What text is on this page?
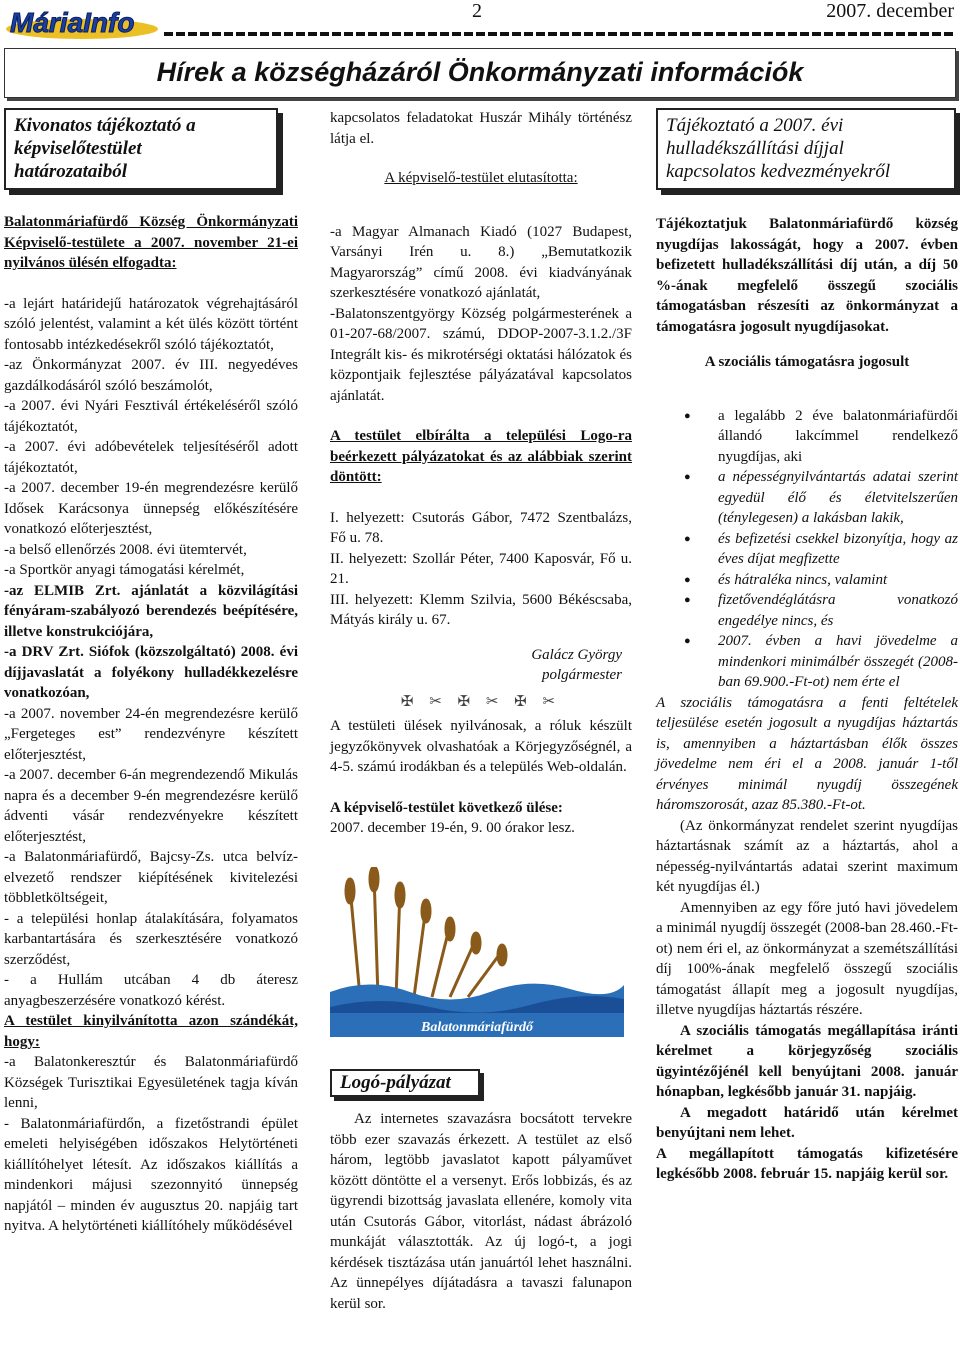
MáriaInfo	2	2007. december
Hírek a községházáról Önkormányzati információk
Kivonatos tájékoztató a
képviselőtestület
határozataiból

Balatonmáriafürdő Község Önkormányzati Képviselő-testülete a 2007. november 21-ei nyilvános ülésén elfogadta:

-a lejárt határidejű határozatok végrehajtásáról szóló jelentést, valamint a két ülés között történt fontosabb intézkedésekről szóló tájékoztatót,

-az Önkormányzat 2007. év III. negyedéves gazdálkodásáról szóló beszámolót,

-a 2007. évi Nyári Fesztivál értékeléséről szóló tájékoztatót,

-a 2007. évi adóbevételek teljesítéséről adott tájékoztatót,

-a 2007. december 19-én megrendezésre kerülő Idősek Karácsonya ünnepség előkészítésére vonatkozó előterjesztést,

-a belső ellenőrzés 2008. évi ütemtervét,

-a Sportkör anyagi támogatási kérelmét,

-az ELMIB Zrt. ajánlatát a közvilágítási fényáram-szabályozó berendezés beépítésére, illetve konstrukciójára,

-a DRV Zrt. Siófok (közszolgáltató) 2008. évi díjjavaslatát a folyékony hulladékkezelésre vonatkozóan,

-a 2007. november 24-én megrendezésre kerülő „Fergeteges est” rendezvényre készített előterjesztést,

-a 2007. december 6-án megrendezendő Mikulás napra és a december 9-én megrendezésre kerülő ádventi vásár rendezvényekre készített előterjesztést,

-a Balatonmáriafürdő, Bajcsy-Zs. utca belvíz-elvezető rendszer kiépítésének kivitelezési többletköltségeit,

- a települési honlap átalakítására, folyamatos karbantartására és szerkesztésére vonatkozó szerződést,

- a Hullám utcában 4 db áteresz anyagbeszerzésére vonatkozó kérést.

A testület kinyilvánította azon szándékát, hogy:

-a Balatonkeresztúr és Balatonmáriafürdő Községek Turisztikai Egyesületének tagja kíván lenni,

- Balatonmáriafürdőn, a fizetőstrandi épület emeleti helyiségében időszakos Helytörténeti kiállítóhelyet létesít. Az időszakos kiállítás a mindenkori májusi szezonnyitó ünnepség napjától – minden év augusztus 20. napjáig tart nyitva. A helytörténeti kiállítóhely működésével

kapcsolatos feladatokat Huszár Mihály történész látja el.

A képviselő-testület elutasította:

-a Magyar Almanach Kiadó (1027 Budapest, Varsányi Irén u. 8.) „Bemutatkozik Magyarország” című 2008. évi kiadványának szerkesztésére vonatkozó ajánlatát,

-Balatonszentgyörgy Község polgármesterének a 01-207-68/2007. számú, DDOP-2007-3.1.2./3F Integrált kis- és mikrotérségi oktatási hálózatok és központjaik fejlesztése pályázatával kapcsolatos ajánlatát.

A testület elbírálta a települési Logo-ra beérkezett pályázatokat és az alábbiak szerint döntött:

I. helyezett: Csutorás Gábor, 7472 Szentbalázs, Fő u. 78.

II. helyezett: Szollár Péter, 7400 Kaposvár, Fő u. 21.

III. helyezett: Klemm Szilvia, 5600 Békéscsaba, Mátyás király u. 67.

Galácz György

polgármester

✠ ✂ ✠ ✂ ✠ ✂

A testületi ülések nyilvánosak, a róluk készült jegyzőkönyvek olvashatóak a Körjegyzőségnél, a 4-5. számú irodákban és a település Web-oldalán.

A képviselő-testület következő ülése:

2007. december 19-én, 9. 00 órakor lesz.

Balatonmáriafürdő
Logó-pályázat

Az internetes szavazásra bocsátott tervekre több ezer szavazás érkezett. A testület az első három, legtöbb javaslatot kapott pályaművet között döntötte el a versenyt. Erős lobbizás, és az ügyrendi bizottság javaslata ellenére, komoly vita után Csutorás Gábor, vitorlást, nádast ábrázoló munkáját választották. Az új logó-t, a jogi kérdések tisztázása után januártól lehet használni. Az ünnepélyes díjátadásra a tavaszi falunapon kerül sor.

Tájékoztató a 2007. évi
hulladékszállítási díjjal
kapcsolatos kedvezményekről

Tájékoztatjuk Balatonmáriafürdő község nyugdíjas lakosságát, hogy a 2007. évben befizetett hulladékszállítási díj után, a díj 50 %-ának megfelelő összegű szociális támogatásban részesíti az önkormányzat a támogatásra jogosult nyugdíjasokat.

A szociális támogatásra jogosult

● a legalább 2 éve balatonmáriafürdői állandó lakcímmel rendelkező nyugdíjas, aki
● a népességnyilvántartás adatai szerint egyedül élő és életvitelszerűen (ténylegesen) a lakásban lakik,
● és befizetési csekkel bizonyítja, hogy az éves díjat megfizette
● és hátraléka nincs, valamint
● fizetővendéglátásra vonatkozó engedélye nincs, és
● 2007. évben a havi jövedelme a mindenkori minimálbér összegét (2008-ban 69.900.-Ft-ot) nem érte el

A szociális támogatásra a fenti feltételek teljesülése esetén jogosult a nyugdíjas háztartás is, amennyiben a háztartásban élők összes jövedelme nem éri el a 2008. január 1-től érvényes minimál nyugdíj összegének háromszorosát, azaz 85.380.-Ft-ot.

(Az önkormányzat rendelet szerint nyugdíjas háztartásnak számít az a háztartás, ahol a népesség-nyilvántartás adatai szerint maximum két nyugdíjas él.)

Amennyiben az egy főre jutó havi jövedelem a minimál nyugdíj összegét (2008-ban 28.460.-Ft-ot) nem éri el, az önkormányzat a szemétszállítási díj 100%-ának megfelelő összegű szociális támogatást állapít meg a jogosult nyugdíjas, illetve nyugdíjas háztartás részére.

A szociális támogatás megállapítása iránti kérelmet a körjegyzőség szociális ügyintézőjénél kell benyújtani 2008. január hónapban, legkésőbb január 31. napjáig.

A megadott határidő után kérelmet benyújtani nem lehet.

A megállapított támogatás kifizetésére legkésőbb 2008. február 15. napjáig kerül sor.
